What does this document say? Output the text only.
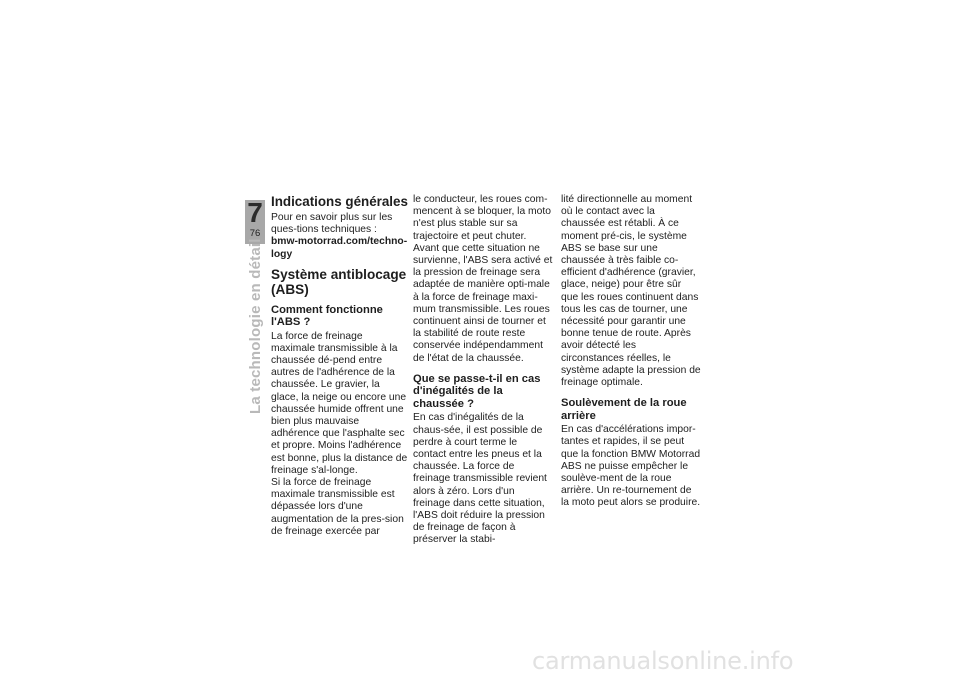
7
76
La technologie en détail
Indications générales

Pour en savoir plus sur les ques-tions techniques :

bmw-motorrad.com/techno-logy

Système antiblocage (ABS)
Comment fonctionne l'ABS ?

La force de freinage maximale transmissible à la chaussée dé-pend entre autres de l'adhérence de la chaussée. Le gravier, la glace, la neige ou encore une chaussée humide offrent une bien plus mauvaise adhérence que l'asphalte sec et propre. Moins l'adhérence est bonne, plus la distance de freinage s'al-longe.

Si la force de freinage maximale transmissible est dépassée lors d'une augmentation de la pres-sion de freinage exercée par

le conducteur, les roues com-mencent à se bloquer, la moto n'est plus stable sur sa trajectoire et peut chuter. Avant que cette situation ne survienne, l'ABS sera activé et la pression de freinage sera adaptée de manière opti-male à la force de freinage maxi-mum transmissible. Les roues continuent ainsi de tourner et la stabilité de route reste conservée indépendamment de l'état de la chaussée.

Que se passe-t-il en cas d'inégalités de la chaussée ?

En cas d'inégalités de la chaus-sée, il est possible de perdre à court terme le contact entre les pneus et la chaussée. La force de freinage transmissible revient alors à zéro. Lors d'un freinage dans cette situation, l'ABS doit réduire la pression de freinage de façon à préserver la stabi-

lité directionnelle au moment où le contact avec la chaussée est rétabli. À ce moment pré-cis, le système ABS se base sur une chaussée à très faible co-efficient d'adhérence (gravier, glace, neige) pour être sûr que les roues continuent dans tous les cas de tourner, une nécessité pour garantir une bonne tenue de route. Après avoir détecté les circonstances réelles, le système adapte la pression de freinage optimale.

Soulèvement de la roue arrière

En cas d'accélérations impor-tantes et rapides, il se peut que la fonction BMW Motorrad ABS ne puisse empêcher le soulève-ment de la roue arrière. Un re-tournement de la moto peut alors se produire.

carmanualsonline.info
